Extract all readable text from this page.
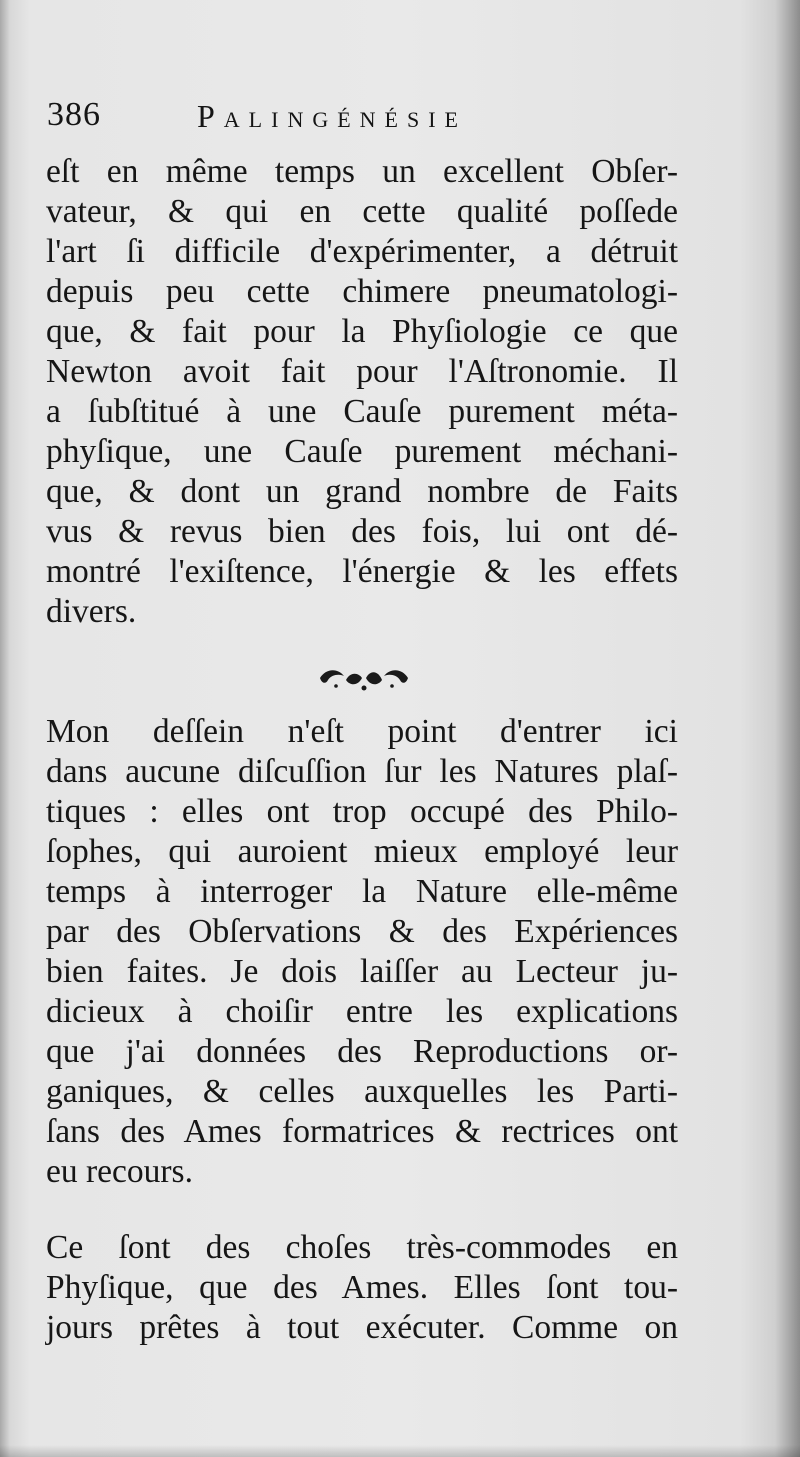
386	Palingénésie
eſt en même temps un excellent Obſer-
vateur, & qui en cette qualité poſſede
l'art ſi difficile d'expérimenter, a détruit
depuis peu cette chimere pneumatologi-
que, & fait pour la Phyſiologie ce que
Newton avoit fait pour l'Aſtronomie. Il
a ſubſtitué à une Cauſe purement méta-
phyſique, une Cauſe purement méchani-
que, & dont un grand nombre de Faits
vus & revus bien des fois, lui ont dé-
montré l'exiſtence, l'énergie & les effets
divers.
Mon deſſein n'eſt point d'entrer ici
dans aucune diſcuſſion ſur les Natures plaſ-
tiques : elles ont trop occupé des Philo-
ſophes, qui auroient mieux employé leur
temps à interroger la Nature elle-même
par des Obſervations & des Expériences
bien faites. Je dois laiſſer au Lecteur ju-
dicieux à choiſir entre les explications
que j'ai données des Reproductions or-
ganiques, & celles auxquelles les Parti-
ſans des Ames formatrices & rectrices ont
eu recours.
Ce ſont des choſes très-commodes en
Phyſique, que des Ames. Elles ſont tou-
jours prêtes à tout exécuter. Comme on
